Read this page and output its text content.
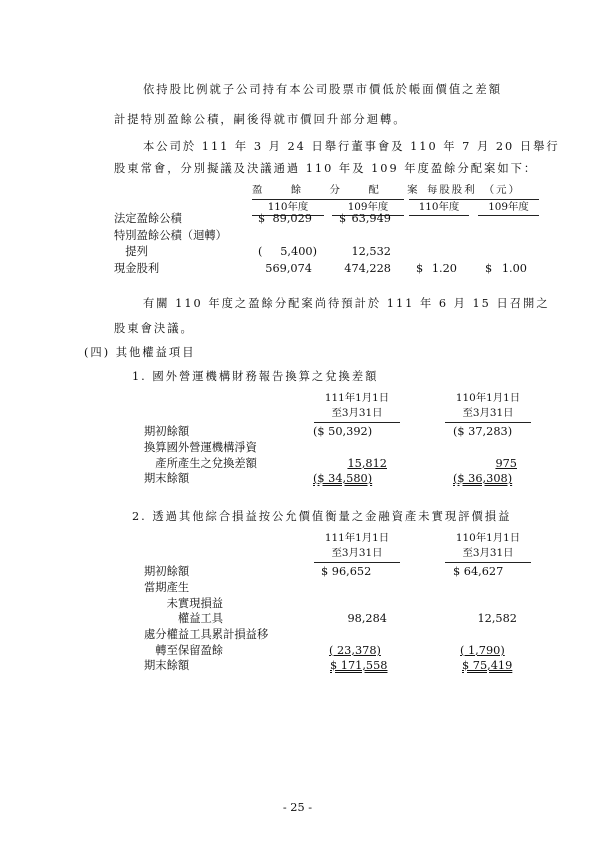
依持股比例就子公司持有本公司股票市價低於帳面價值之差額
計提特別盈餘公積，嗣後得就市價回升部分迴轉。
本公司於 111 年 3 月 24 日舉行董事會及 110 年 7 月 20 日舉行
股東常會，分別擬議及決議通過 110 年及 109 年度盈餘分配案如下：
盈　餘　分　配　案 每股股利　（元）
110年度	109年度	110年度	109年度
法定盈餘公積	$ 89,029 $ 63,949
特別盈餘公積（迴轉）
　提列	(	5,400)	12,532
現金股利	569,074	474,228 $ 1.20 $ 1.00
有關 110 年度之盈餘分配案尚待預計於 111 年 6 月 15 日召開之
股東會決議。
(四) 其他權益項目
1. 國外營運機構財務報告換算之兌換差額
111年1月1日
至3月31日
110年1月1日
至3月31日
期初餘額	($ 50,392)	($ 37,283)
換算國外營運機構淨資
　產所產生之兌換差額	15,812	975
期末餘額	($ 34,580)	($ 36,308)
2. 透過其他綜合損益按公允價值衡量之金融資產未實現評價損益
111年1月1日
至3月31日
110年1月1日
至3月31日
期初餘額	$ 96,652	$ 64,627
當期產生
　　未實現損益
　　　權益工具	98,284	12,582
處分權益工具累計損益移
　轉至保留盈餘	( 23,378)	( 1,790)
期末餘額	$ 171,558	$ 75,419
- 25 -
